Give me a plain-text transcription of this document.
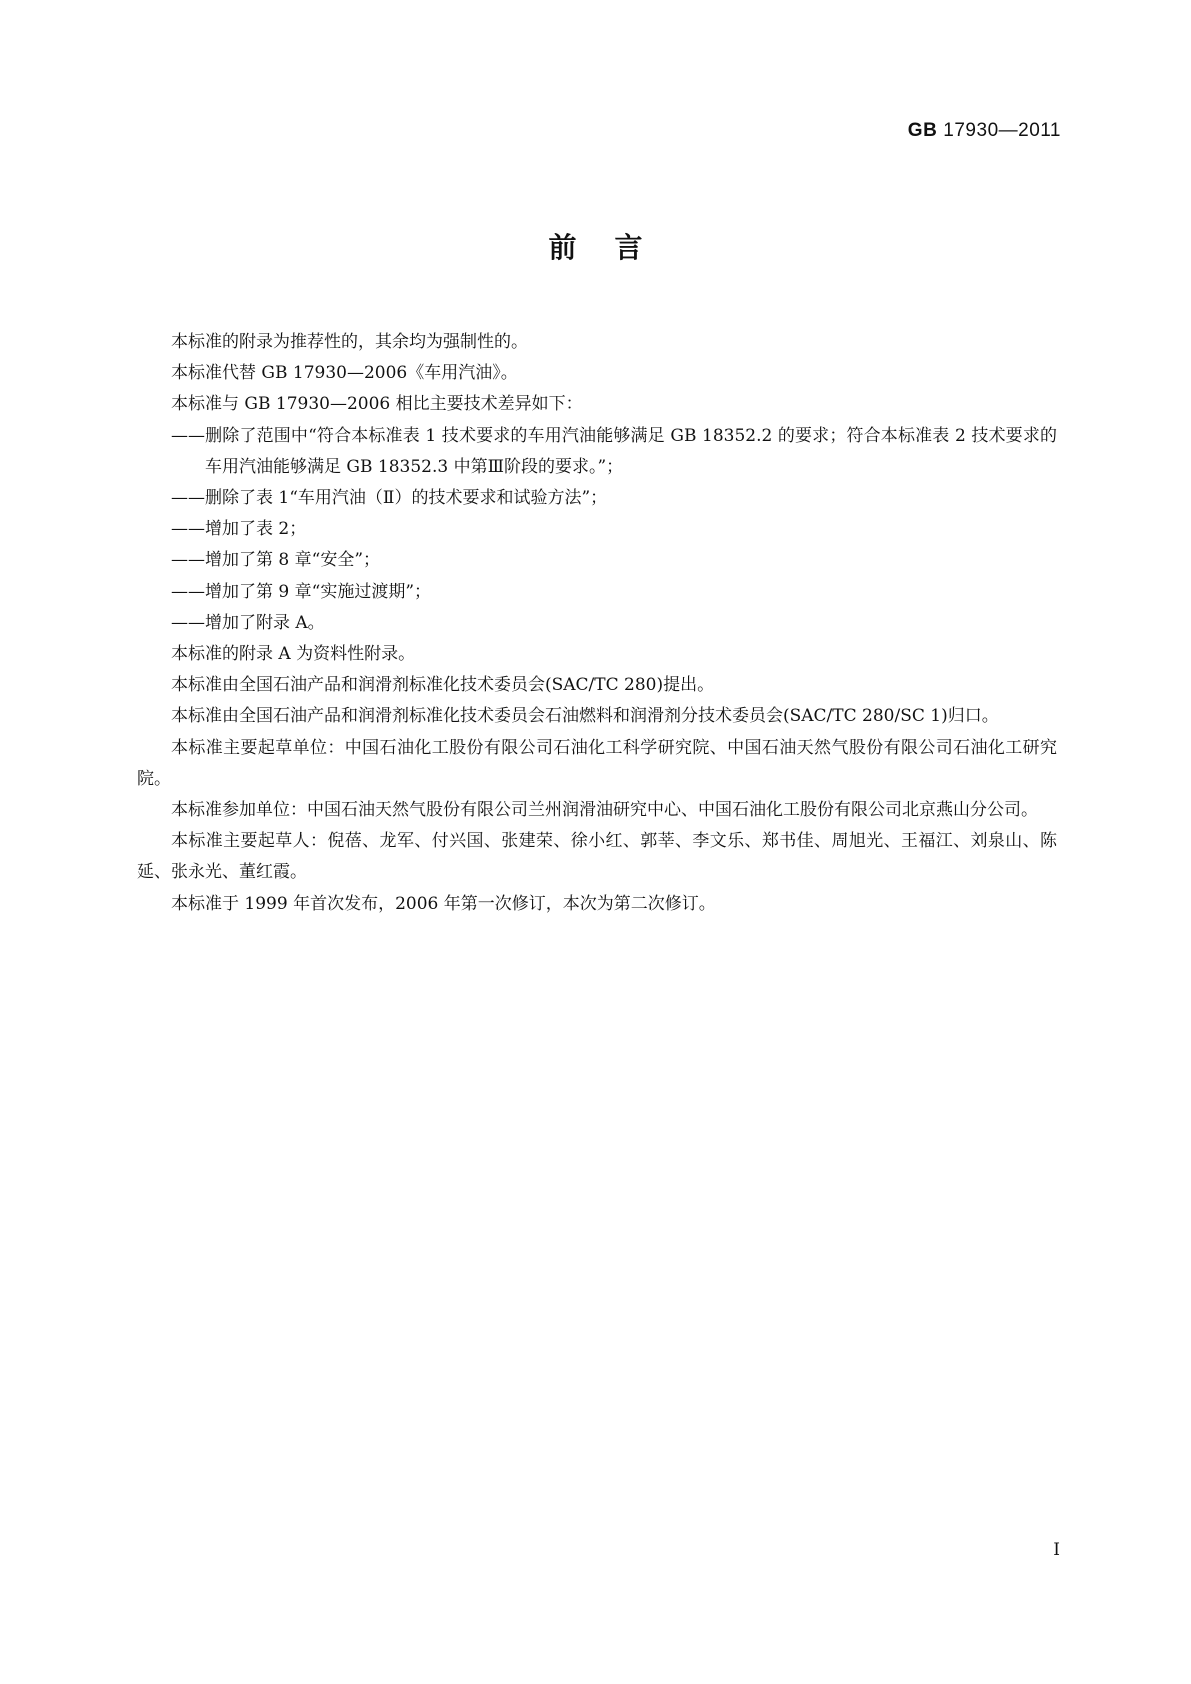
GB 17930—2011
前言
本标准的附录为推荐性的，其余均为强制性的。
本标准代替 GB 17930—2006《车用汽油》。
本标准与 GB 17930—2006 相比主要技术差异如下：
——删除了范围中“符合本标准表 1 技术要求的车用汽油能够满足 GB 18352.2 的要求；符合本标准表 2 技术要求的车用汽油能够满足 GB 18352.3 中第Ⅲ阶段的要求。”；
——删除了表 1“车用汽油（Ⅱ）的技术要求和试验方法”；
——增加了表 2；
——增加了第 8 章“安全”；
——增加了第 9 章“实施过渡期”；
——增加了附录 A。
本标准的附录 A 为资料性附录。
本标准由全国石油产品和润滑剂标准化技术委员会(SAC/TC 280)提出。
本标准由全国石油产品和润滑剂标准化技术委员会石油燃料和润滑剂分技术委员会(SAC/TC 280/SC 1)归口。
本标准主要起草单位：中国石油化工股份有限公司石油化工科学研究院、中国石油天然气股份有限公司石油化工研究院。
本标准参加单位：中国石油天然气股份有限公司兰州润滑油研究中心、中国石油化工股份有限公司北京燕山分公司。
本标准主要起草人：倪蓓、龙军、付兴国、张建荣、徐小红、郭莘、李文乐、郑书佳、周旭光、王福江、刘泉山、陈延、张永光、董红霞。
本标准于 1999 年首次发布，2006 年第一次修订，本次为第二次修订。
I
